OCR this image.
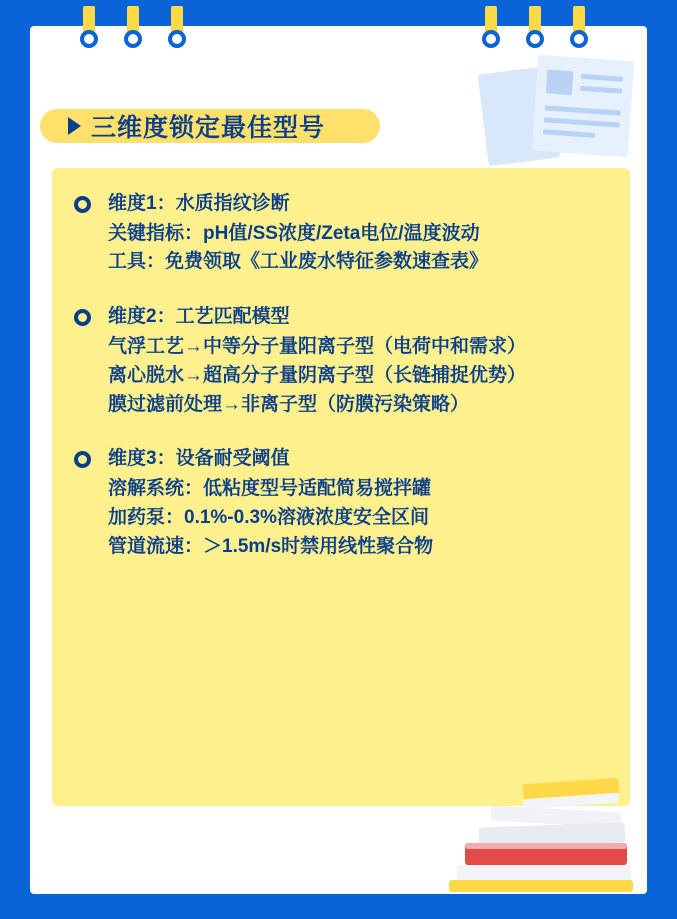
三维度锁定最佳型号
维度1：水质指纹诊断
关键指标：pH值/SS浓度/Zeta电位/温度波动
工具：免费领取《工业废水特征参数速查表》
维度2：工艺匹配模型
气浮工艺→中等分子量阳离子型（电荷中和需求）
离心脱水→超高分子量阴离子型（长链捕捉优势）
膜过滤前处理→非离子型（防膜污染策略）
维度3：设备耐受阈值
溶解系统：低粘度型号适配简易搅拌罐
加药泵：0.1%-0.3%溶液浓度安全区间
管道流速：＞1.5m/s时禁用线性聚合物
